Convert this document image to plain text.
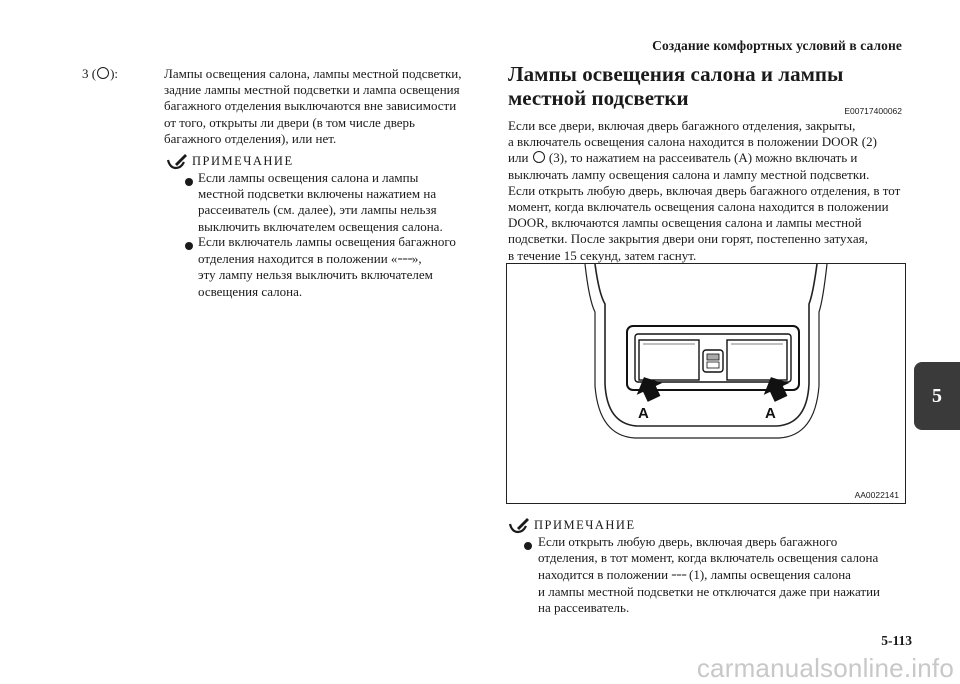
Создание комфортных условий в салоне
3 ( ):	Лампы освещения салона, лампы местной подсветки,
задние лампы местной подсветки и лампа освещения
багажного отделения выключаются вне зависимости
от того, открыты ли двери (в том числе дверь
багажного отделения), или нет.
ПРИМЕЧАНИЕ
Если лампы освещения салона и лампы
местной подсветки включены нажатием на
рассеиватель (см. далее), эти лампы нельзя
выключить включателем освещения салона.
Если включатель лампы освещения багажного
отделения находится в положении «⩶»,
эту лампу нельзя выключить включателем
освещения салона.
Лампы освещения салона и лампы местной подсветки
E00717400062
Если все двери, включая дверь багажного отделения, закрыты,
а включатель освещения салона находится в положении DOOR (2)
или (3), то нажатием на рассеиватель (A) можно включать и
выключать лампу освещения салона и лампу местной подсветки.
Если открыть любую дверь, включая дверь багажного отделения, в тот
момент, когда включатель освещения салона находится в положении
DOOR, включаются лампы освещения салона и лампы местной
подсветки. После закрытия двери они горят, постепенно затухая,
в течение 15 секунд, затем гаснут.
A	A
AA0022141
ПРИМЕЧАНИЕ
Если открыть любую дверь, включая дверь багажного
отделения, в тот момент, когда включатель освещения салона
находится в положении ⩶ (1), лампы освещения салона
и лампы местной подсветки не отключатся даже при нажатии
на рассеиватель.
5
5-113
carmanualsonline.info
